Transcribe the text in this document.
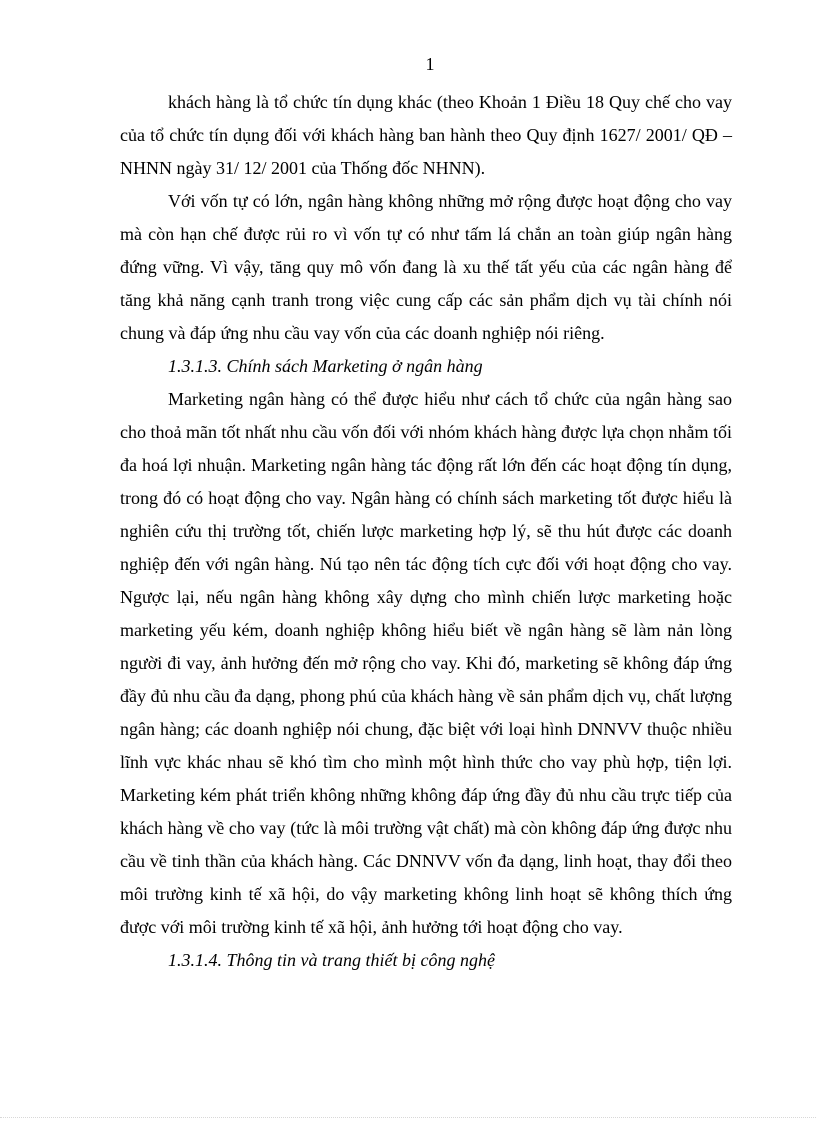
1

khách hàng là tổ chức tín dụng khác (theo Khoản 1 Điều 18 Quy chế cho vay của tổ chức tín dụng đối với khách hàng ban hành theo Quy định 1627/ 2001/ QĐ – NHNN ngày 31/ 12/ 2001 của Thống đốc NHNN).

Với vốn tự có lớn, ngân hàng không những mở rộng được hoạt động cho vay mà còn hạn chế được rủi ro vì vốn tự có như tấm lá chắn an toàn giúp ngân hàng đứng vững. Vì vậy, tăng quy mô vốn đang là xu thế tất yếu của các ngân hàng để tăng khả năng cạnh tranh trong việc cung cấp các sản phẩm dịch vụ tài chính nói chung và đáp ứng nhu cầu vay vốn của các doanh nghiệp nói riêng.

1.3.1.3. Chính sách Marketing ở ngân hàng

Marketing ngân hàng có thể được hiểu như cách tổ chức của ngân hàng sao cho thoả mãn tốt nhất nhu cầu vốn đối với nhóm khách hàng được lựa chọn nhằm tối đa hoá lợi nhuận. Marketing ngân hàng tác động rất lớn đến các hoạt động tín dụng, trong đó có hoạt động cho vay. Ngân hàng có chính sách marketing tốt được hiểu là nghiên cứu thị trường tốt, chiến lược marketing hợp lý, sẽ thu hút được các doanh nghiệp đến với ngân hàng. Nú tạo nên tác động tích cực đối với hoạt động cho vay. Ngược lại, nếu ngân hàng không xây dựng cho mình chiến lược marketing hoặc marketing yếu kém, doanh nghiệp không hiểu biết về ngân hàng sẽ làm nản lòng người đi vay, ảnh hưởng đến mở rộng cho vay. Khi đó, marketing sẽ không đáp ứng đầy đủ nhu cầu đa dạng, phong phú của khách hàng về sản phẩm dịch vụ, chất lượng ngân hàng; các doanh nghiệp nói chung, đặc biệt với loại hình DNNVV thuộc nhiều lĩnh vực khác nhau sẽ khó tìm cho mình một hình thức cho vay phù hợp, tiện lợi. Marketing kém phát triển không những không đáp ứng đầy đủ nhu cầu trực tiếp của khách hàng về cho vay (tức là môi trường vật chất) mà còn không đáp ứng được nhu cầu về tinh thần của khách hàng. Các DNNVV vốn đa dạng, linh hoạt, thay đổi theo môi trường kinh tế xã hội, do vậy marketing không linh hoạt sẽ không thích ứng được với môi trường kinh tế xã hội, ảnh hưởng tới hoạt động cho vay.

1.3.1.4. Thông tin và trang thiết bị công nghệ
